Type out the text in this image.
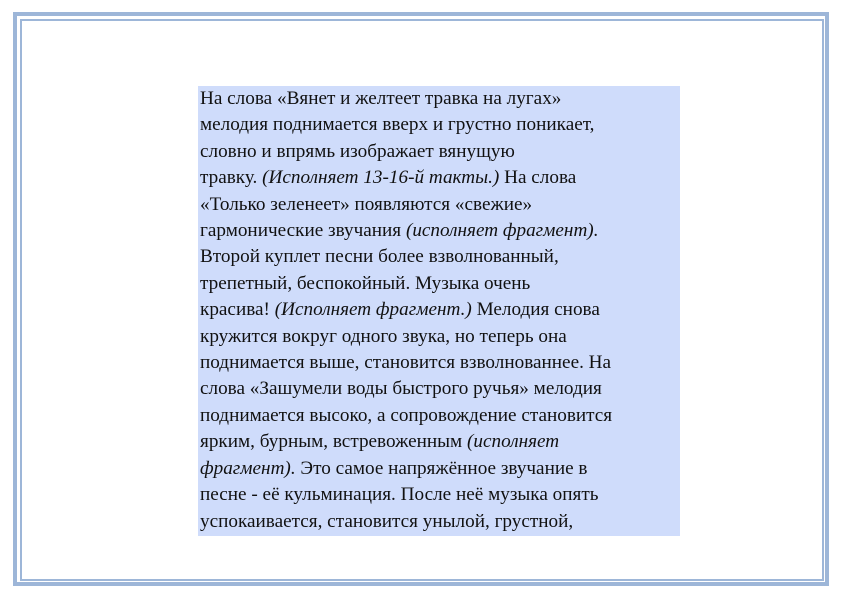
На слова «Вянет и желтеет травка на лугах»

мелодия поднимается вверх и грустно поникает,

словно и впрямь изображает вянущую

травку. (Исполняет 13-16-й такты.) На слова

«Только зеленеет» появляются «свежие»

гармонические звучания (исполняет фрагмент).

Второй куплет песни более взволнованный,

трепетный, беспокойный. Музыка очень

красива! (Исполняет фрагмент.) Мелодия снова

кружится вокруг одного звука, но теперь она

поднимается выше, становится взволнованнее. На

слова «Зашумели воды быстрого ручья» мелодия

поднимается высоко, а сопровождение становится

ярким, бурным, встревоженным (исполняет

фрагмент). Это самое напряжённое звучание в

песне - её кульминация. После неё музыка опять

успокаивается, становится унылой, грустной,
